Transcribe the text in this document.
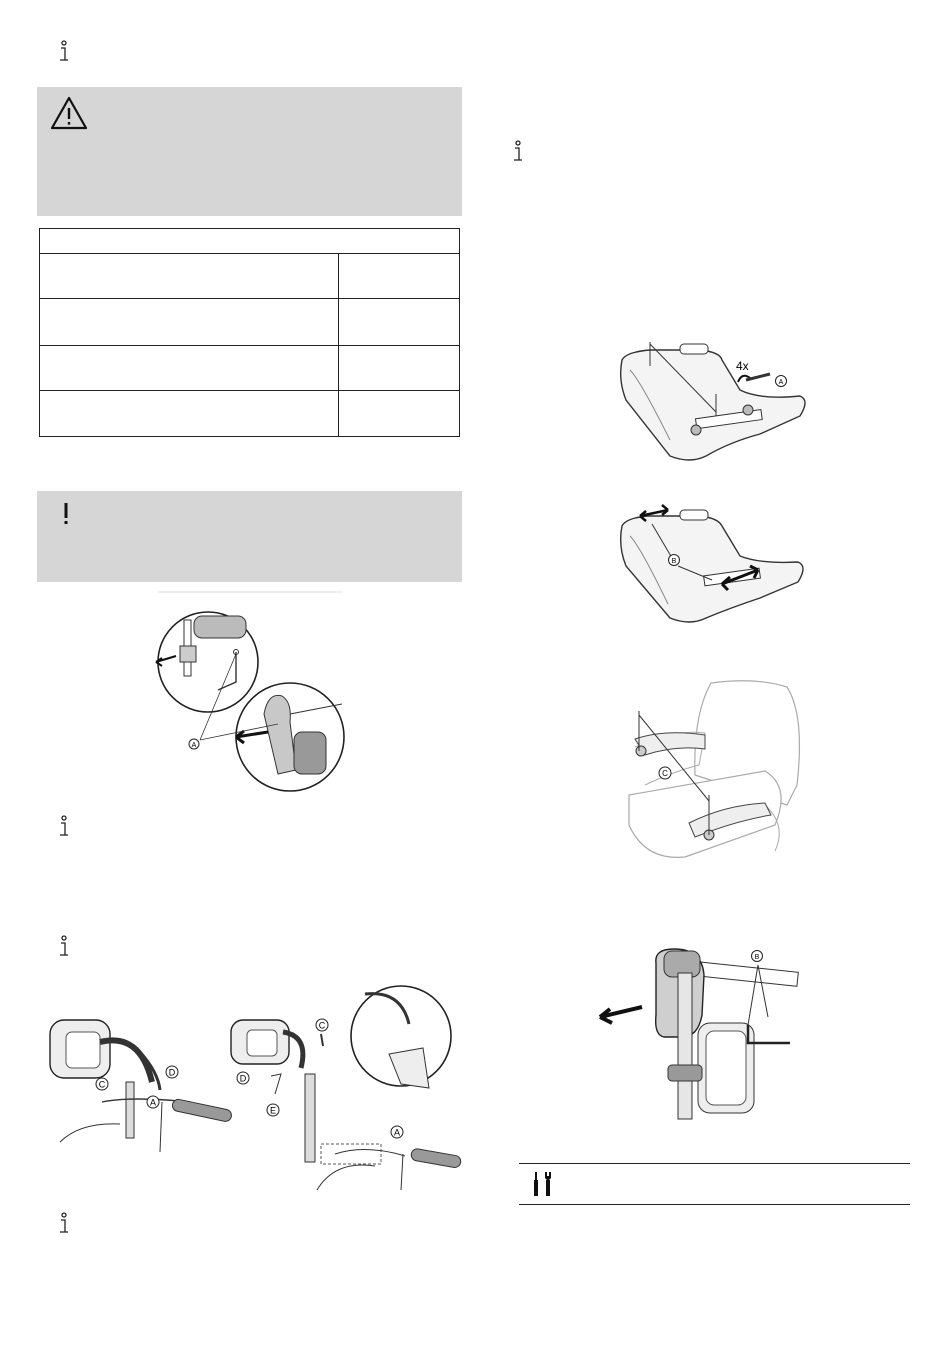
A
C
D
A
C
D
E
A
4x
A
B
C
B
